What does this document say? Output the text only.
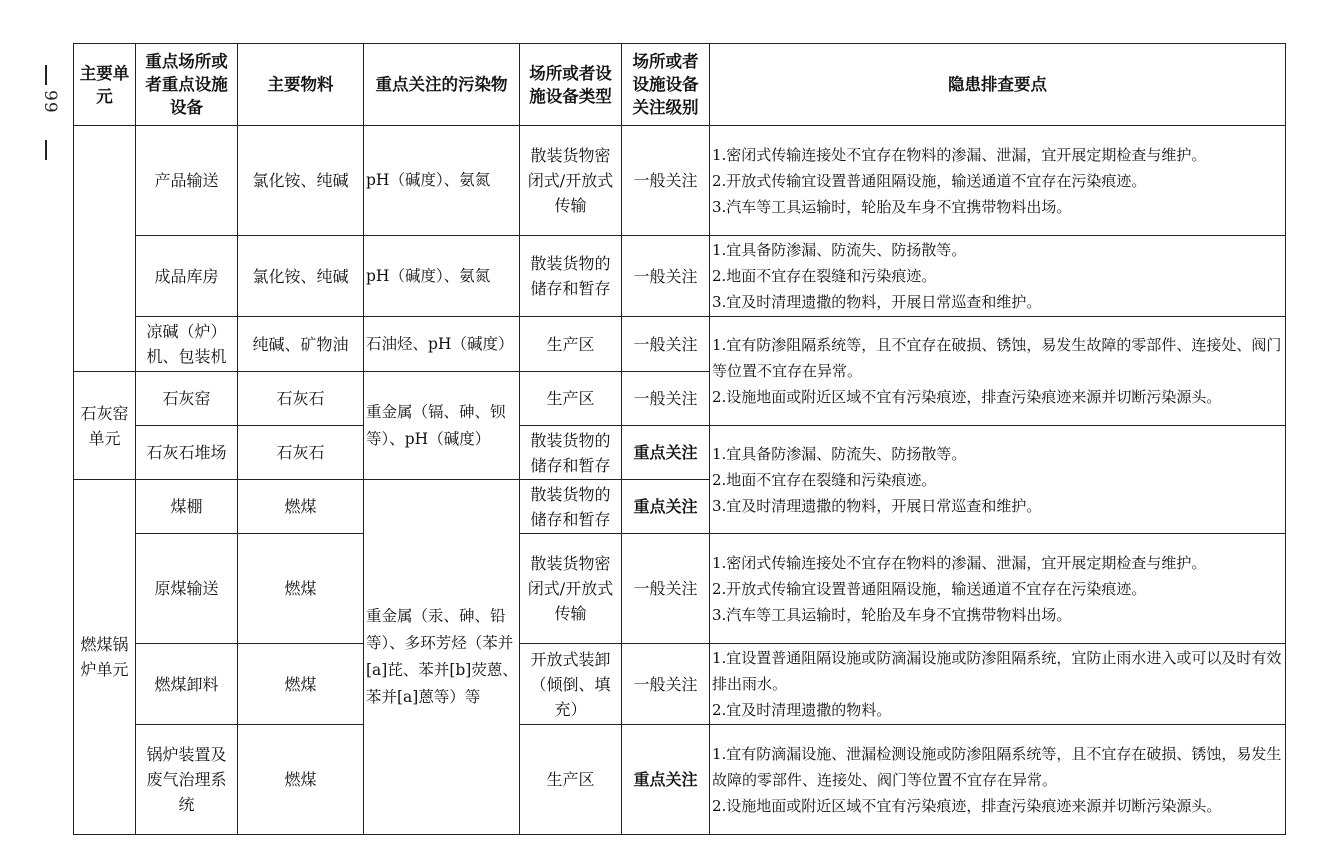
99
主要单元	重点场所或者重点设施设备	主要物料	重点关注的污染物	场所或者设施设备类型	场所或者设施设备关注级别	隐患排查要点
	产品输送	氯化铵、纯碱	pH（碱度）、氨氮	散装货物密闭式/开放式传输	一般关注	1.密闭式传输连接处不宜存在物料的渗漏、泄漏，宜开展定期检查与维护。
2.开放式传输宜设置普通阻隔设施，输送通道不宜存在污染痕迹。
3.汽车等工具运输时，轮胎及车身不宜携带物料出场。

	成品库房	氯化铵、纯碱	pH（碱度）、氨氮	散装货物的储存和暂存	一般关注	1.宜具备防渗漏、防流失、防扬散等。
2.地面不宜存在裂缝和污染痕迹。
3.宜及时清理遗撒的物料，开展日常巡查和维护。

	凉碱（炉）机、包装机	纯碱、矿物油	石油烃、pH（碱度）	生产区	一般关注	1.宜有防渗阻隔系统等，且不宜存在破损、锈蚀，易发生故障的零部件、连接处、阀门等位置不宜存在异常。
2.设施地面或附近区域不宜有污染痕迹，排查污染痕迹来源并切断污染源头。

石灰窑单元	石灰窑	石灰石	重金属（镉、砷、钡等）、pH（碱度）	生产区	一般关注	
	石灰石堆场	石灰石		散装货物的储存和暂存	重点关注	1.宜具备防渗漏、防流失、防扬散等。
2.地面不宜存在裂缝和污染痕迹。
3.宜及时清理遗撒的物料，开展日常巡查和维护。

燃煤锅炉单元	煤棚	燃煤	重金属（汞、砷、铅等）、多环芳烃（苯并[a]芘、苯并[b]荧蒽、苯并[a]蒽等）等	散装货物的储存和暂存	重点关注	
	原煤输送	燃煤		散装货物密闭式/开放式传输	一般关注	1.密闭式传输连接处不宜存在物料的渗漏、泄漏，宜开展定期检查与维护。
2.开放式传输宜设置普通阻隔设施，输送通道不宜存在污染痕迹。
3.汽车等工具运输时，轮胎及车身不宜携带物料出场。

	燃煤卸料	燃煤		开放式装卸（倾倒、填充）	一般关注	1.宜设置普通阻隔设施或防滴漏设施或防渗阻隔系统，宜防止雨水进入或可以及时有效排出雨水。
2.宜及时清理遗撒的物料。

	锅炉装置及废气治理系统	燃煤		生产区	重点关注	1.宜有防滴漏设施、泄漏检测设施或防渗阻隔系统等，且不宜存在破损、锈蚀，易发生故障的零部件、连接处、阀门等位置不宜存在异常。
2.设施地面或附近区域不宜有污染痕迹，排查污染痕迹来源并切断污染源头。
